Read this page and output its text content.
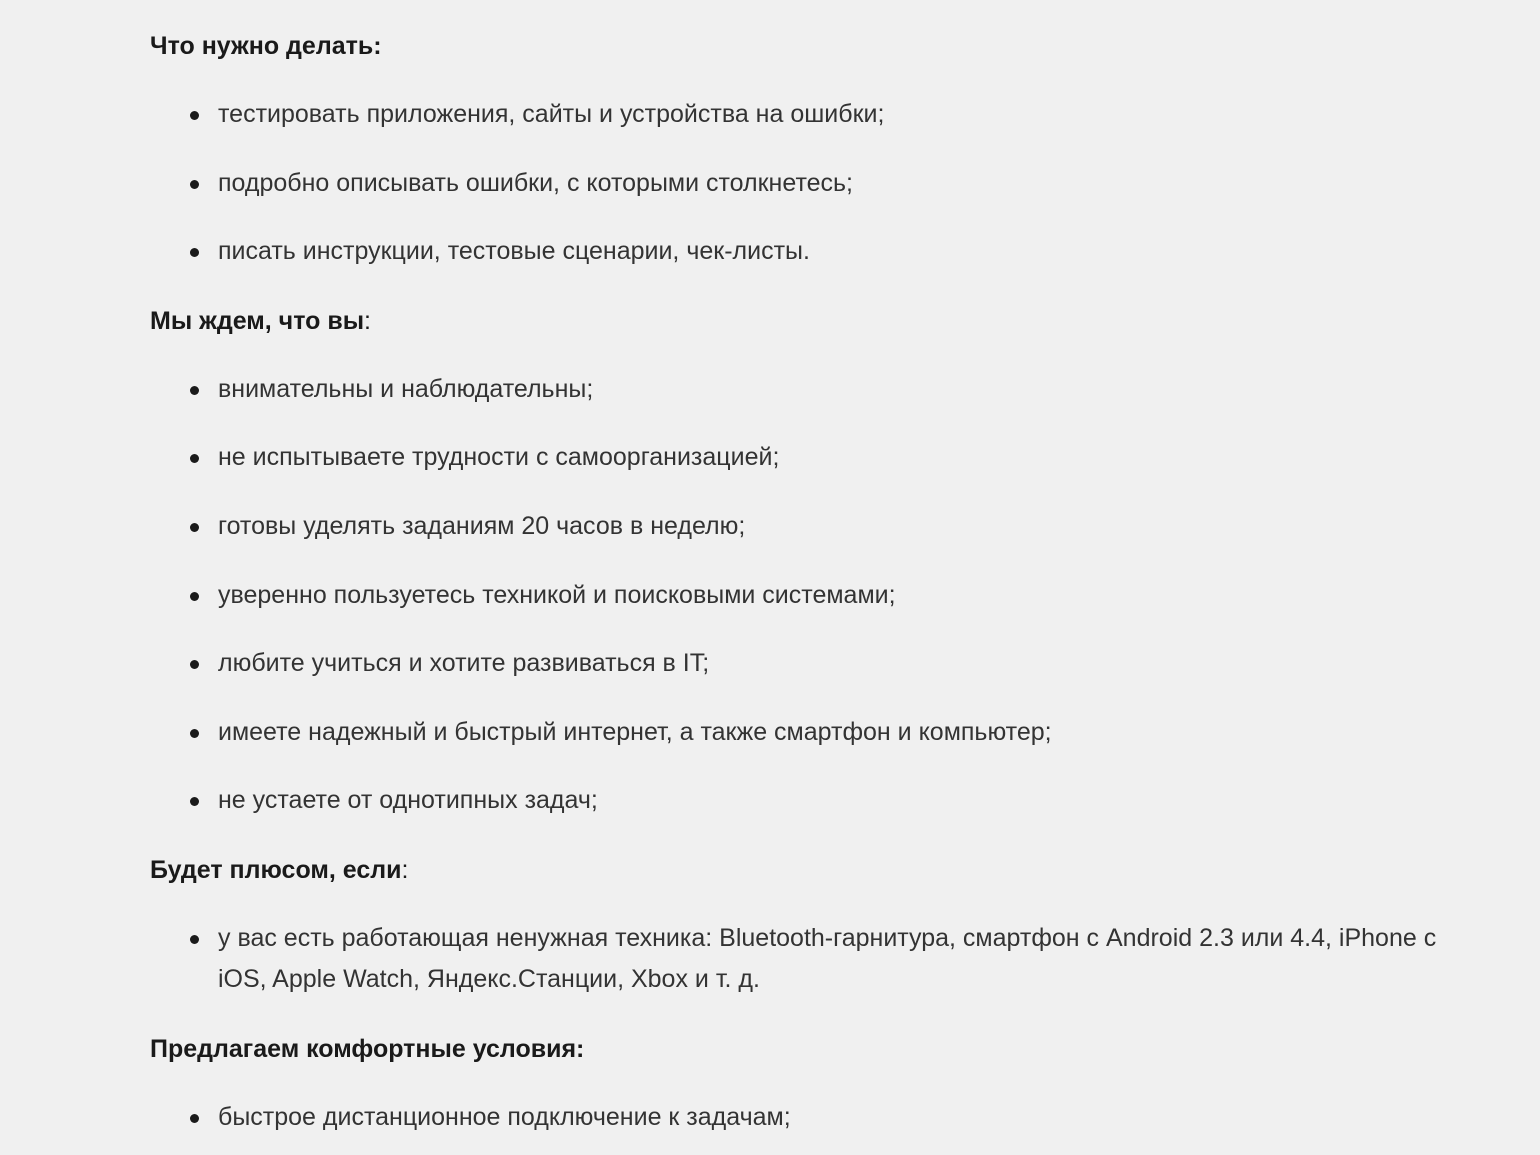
Что нужно делать:
тестировать приложения, сайты и устройства на ошибки;
подробно описывать ошибки, с которыми столкнетесь;
писать инструкции, тестовые сценарии, чек-листы.
Мы ждем, что вы:
внимательны и наблюдательны;
не испытываете трудности с самоорганизацией;
готовы уделять заданиям 20 часов в неделю;
уверенно пользуетесь техникой и поисковыми системами;
любите учиться и хотите развиваться в IT;
имеете надежный и быстрый интернет, а также смартфон и компьютер;
не устаете от однотипных задач;
Будет плюсом, если:
у вас есть работающая ненужная техника: Bluetooth-гарнитура, смартфон с Android 2.3 или 4.4, iPhone с iOS, Apple Watch, Яндекс.Станции, Xbox и т. д.
Предлагаем комфортные условия:
быстрое дистанционное подключение к задачам;
